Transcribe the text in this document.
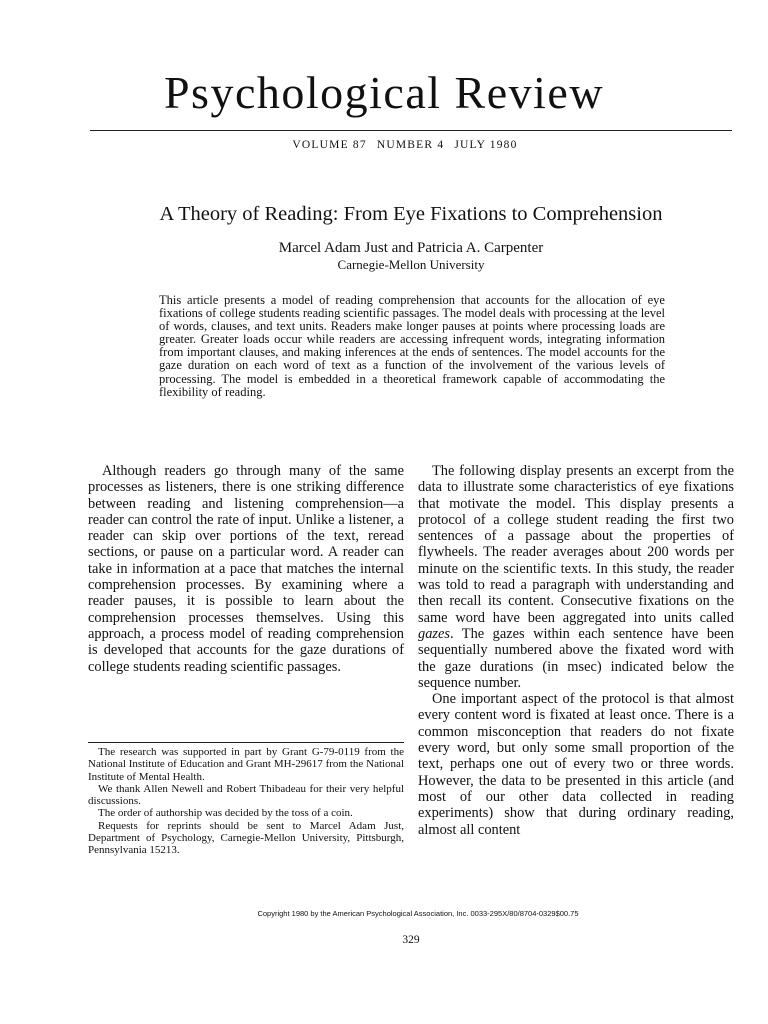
Psychological Review
VOLUME 87 NUMBER 4 JULY 1980
A Theory of Reading: From Eye Fixations to Comprehension
Marcel Adam Just and Patricia A. Carpenter
Carnegie-Mellon University

This article presents a model of reading comprehension that accounts for the allocation of eye fixations of college students reading scientific passages. The model deals with processing at the level of words, clauses, and text units. Readers make longer pauses at points where processing loads are greater. Greater loads occur while readers are accessing infrequent words, integrating information from important clauses, and making inferences at the ends of sentences. The model accounts for the gaze duration on each word of text as a function of the involvement of the various levels of processing. The model is embedded in a theoretical framework capable of accommodating the flexibility of reading.

Although readers go through many of the same processes as listeners, there is one striking difference between reading and listening comprehension—a reader can control the rate of input. Unlike a listener, a reader can skip over portions of the text, reread sections, or pause on a particular word. A reader can take in information at a pace that matches the internal comprehension processes. By examining where a reader pauses, it is possible to learn about the comprehension processes themselves. Using this approach, a process model of reading comprehension is developed that accounts for the gaze durations of college students reading scientific passages.

The research was supported in part by Grant G-79-0119 from the National Institute of Education and Grant MH-29617 from the National Institute of Mental Health.

We thank Allen Newell and Robert Thibadeau for their very helpful discussions.

The order of authorship was decided by the toss of a coin.

Requests for reprints should be sent to Marcel Adam Just, Department of Psychology, Carnegie-Mellon University, Pittsburgh, Pennsylvania 15213.

The following display presents an excerpt from the data to illustrate some characteristics of eye fixations that motivate the model. This display presents a protocol of a college student reading the first two sentences of a passage about the properties of flywheels. The reader averages about 200 words per minute on the scientific texts. In this study, the reader was told to read a paragraph with understanding and then recall its content. Consecutive fixations on the same word have been aggregated into units called gazes. The gazes within each sentence have been sequentially numbered above the fixated word with the gaze durations (in msec) indicated below the sequence number.

One important aspect of the protocol is that almost every content word is fixated at least once. There is a common misconception that readers do not fixate every word, but only some small proportion of the text, perhaps one out of every two or three words. However, the data to be presented in this article (and most of our other data collected in reading experiments) show that during ordinary reading, almost all content

Copyright 1980 by the American Psychological Association, Inc. 0033-295X/80/8704-0329$00.75
329
